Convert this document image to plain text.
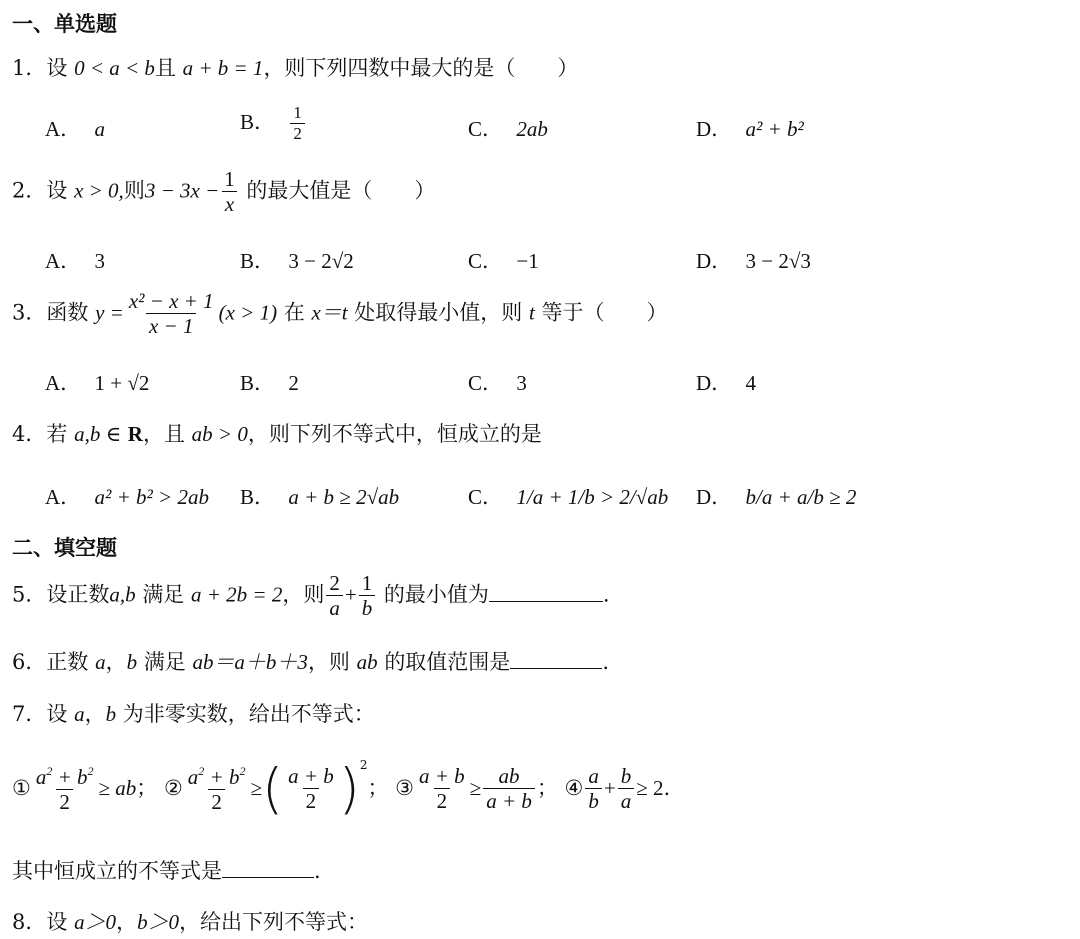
一、单选题
1．设 0 < a < b且 a + b = 1，则下列四数中最大的是（　　）
A． a	B． $\frac{1}{2}$	C． 2ab	D． a² + b²
2．设 x > 0,则$3 - 3x - \frac{1}{x}$ 的最大值是（　　）
A． 3	B． 3 − 2√2	C． −1	D． 3 − 2√3
3．函数 $y = \frac{\text{x² − x + 1}}{x - 1} (x > 1)$ 在 x＝t 处取得最小值，则 t 等于（　　）
A． 1 + √2	B． 2	C． 3	D． 4
4．若 a,b ∈ R，且 ab > 0，则下列不等式中，恒成立的是
A． a² + b² > 2ab B． a + b ≥ 2√ab	C． 1/a + 1/b > 2/√ab D． b/a + a/b ≥ 2
二、填空题
5．设正数a,b 满足 a + 2b = 2，则 $\frac{2}{a} + \frac{1}{b}$ 的最小值为	.
6．正数 a，b 满足 ab＝a＋b＋3，则 ab 的取值范围是	.
7．设 a，b 为非零实数，给出不等式：
① $\frac{a^2 + b^2}{2}$ ≥ ab； ② $\frac{a^2 + b^2}{2}$ ≥( $\frac{a + b}{2} )^2$； ③ $\frac{a + b}{2} \ge \frac{ab}{a + b}$ ； ④ $\frac{a}{b} + \frac{b}{a} \ge 2$.
其中恒成立的不等式是	.
8．设 a＞0，b＞0，给出下列不等式：
